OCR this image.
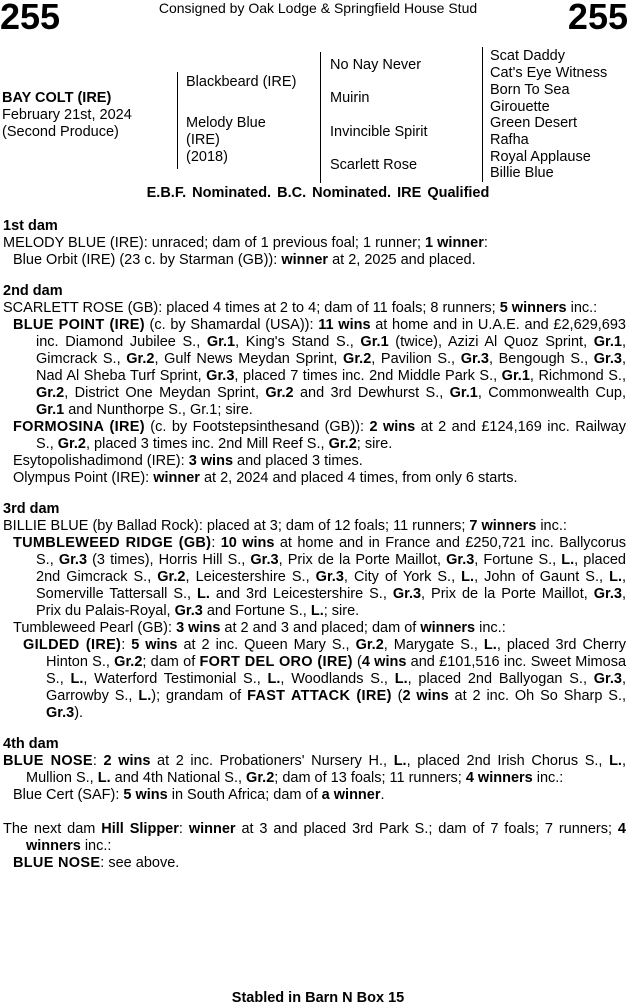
255	Consigned by Oak Lodge & Springfield House Stud	255
BAY COLT (IRE)
February 21st, 2024
(Second Produce)
Blackbeard (IRE)
Melody Blue
(IRE)
(2018)
No Nay Never
Muirin
Invincible Spirit
Scarlett Rose
Scat Daddy
Cat's Eye Witness
Born To Sea
Girouette
Green Desert
Rafha
Royal Applause
Billie Blue
E.B.F. Nominated. B.C. Nominated. IRE Qualified
1st dam

MELODY BLUE (IRE): unraced; dam of 1 previous foal; 1 runner; 1 winner:

Blue Orbit (IRE) (23 c. by Starman (GB)): winner at 2, 2025 and placed.

2nd dam

SCARLETT ROSE (GB): placed 4 times at 2 to 4; dam of 11 foals; 8 runners; 5 winners inc.:

BLUE POINT (IRE) (c. by Shamardal (USA)): 11 wins at home and in U.A.E. and £2,629,693 inc. Diamond Jubilee S., Gr.1, King's Stand S., Gr.1 (twice), Azizi Al Quoz Sprint, Gr.1, Gimcrack S., Gr.2, Gulf News Meydan Sprint, Gr.2, Pavilion S., Gr.3, Bengough S., Gr.3, Nad Al Sheba Turf Sprint, Gr.3, placed 7 times inc. 2nd Middle Park S., Gr.1, Richmond S., Gr.2, District One Meydan Sprint, Gr.2 and 3rd Dewhurst S., Gr.1, Commonwealth Cup, Gr.1 and Nunthorpe S., Gr.1; sire.

FORMOSINA (IRE) (c. by Footstepsinthesand (GB)): 2 wins at 2 and £124,169 inc. Railway S., Gr.2, placed 3 times inc. 2nd Mill Reef S., Gr.2; sire.

Esytopolishadimond (IRE): 3 wins and placed 3 times.

Olympus Point (IRE): winner at 2, 2024 and placed 4 times, from only 6 starts.

3rd dam

BILLIE BLUE (by Ballad Rock): placed at 3; dam of 12 foals; 11 runners; 7 winners inc.:

TUMBLEWEED RIDGE (GB): 10 wins at home and in France and £250,721 inc. Ballycorus S., Gr.3 (3 times), Horris Hill S., Gr.3, Prix de la Porte Maillot, Gr.3, Fortune S., L., placed 2nd Gimcrack S., Gr.2, Leicestershire S., Gr.3, City of York S., L., John of Gaunt S., L., Somerville Tattersall S., L. and 3rd Leicestershire S., Gr.3, Prix de la Porte Maillot, Gr.3, Prix du Palais-Royal, Gr.3 and Fortune S., L.; sire.

Tumbleweed Pearl (GB): 3 wins at 2 and 3 and placed; dam of winners inc.:

GILDED (IRE): 5 wins at 2 inc. Queen Mary S., Gr.2, Marygate S., L., placed 3rd Cherry Hinton S., Gr.2; dam of FORT DEL ORO (IRE) (4 wins and £101,516 inc. Sweet Mimosa S., L., Waterford Testimonial S., L., Woodlands S., L., placed 2nd Ballyogan S., Gr.3, Garrowby S., L.); grandam of FAST ATTACK (IRE) (2 wins at 2 inc. Oh So Sharp S., Gr.3).

4th dam

BLUE NOSE: 2 wins at 2 inc. Probationers' Nursery H., L., placed 2nd Irish Chorus S., L., Mullion S., L. and 4th National S., Gr.2; dam of 13 foals; 11 runners; 4 winners inc.:

Blue Cert (SAF): 5 wins in South Africa; dam of a winner.

The next dam Hill Slipper: winner at 3 and placed 3rd Park S.; dam of 7 foals; 7 runners; 4 winners inc.:

BLUE NOSE: see above.

Stabled in Barn N Box 15
